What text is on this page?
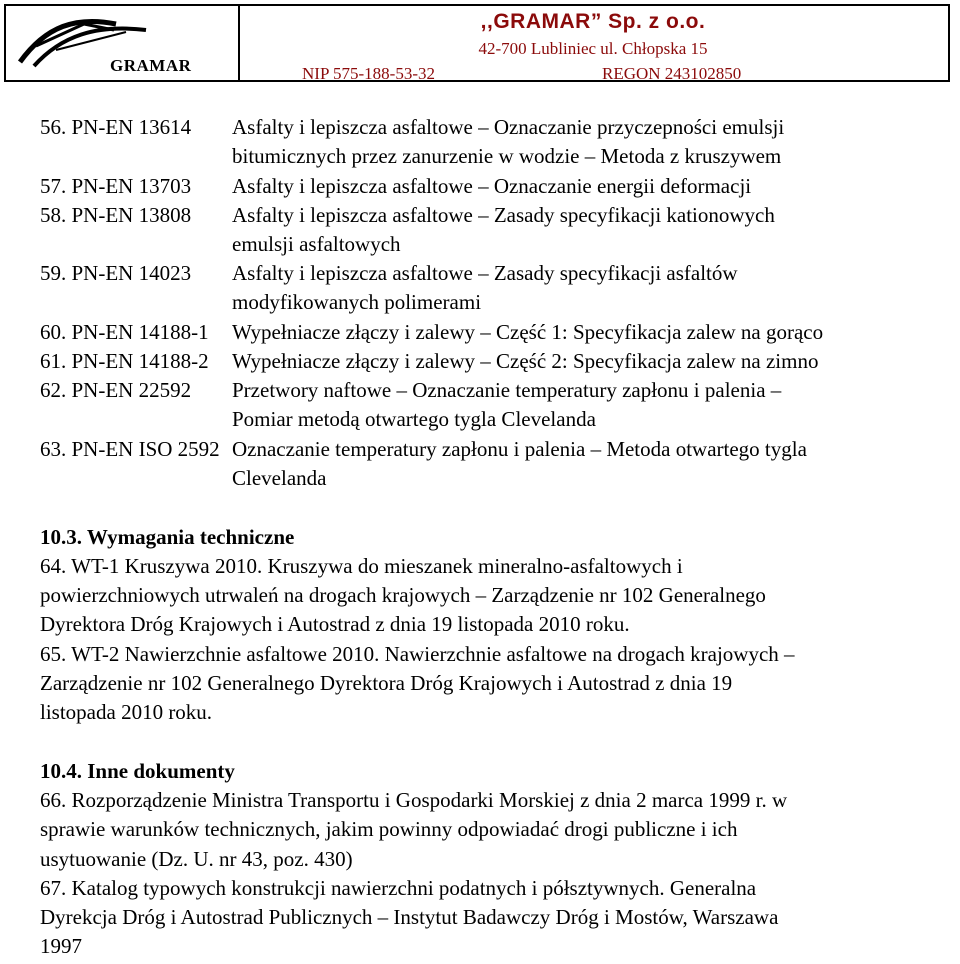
GRAMAR
,,GRAMAR” Sp. z o.o.
42-700 Lubliniec ul. Chłopska 15
NIP 575-188-53-32	REGON 243102850
56. PN-EN 13614 Asfalty i lepiszcza asfaltowe – Oznaczanie przyczepności emulsji
bitumicznych przez zanurzenie w wodzie – Metoda z kruszywem
57. PN-EN 13703 Asfalty i lepiszcza asfaltowe – Oznaczanie energii deformacji
58. PN-EN 13808 Asfalty i lepiszcza asfaltowe – Zasady specyfikacji kationowych
emulsji asfaltowych
59. PN-EN 14023 Asfalty i lepiszcza asfaltowe – Zasady specyfikacji asfaltów
modyfikowanych polimerami
60. PN-EN 14188-1 Wypełniacze złączy i zalewy – Część 1: Specyfikacja zalew na gorąco
61. PN-EN 14188-2 Wypełniacze złączy i zalewy – Część 2: Specyfikacja zalew na zimno
62. PN-EN 22592 Przetwory naftowe – Oznaczanie temperatury zapłonu i palenia –
Pomiar metodą otwartego tygla Clevelanda
63. PN-EN ISO 2592 Oznaczanie temperatury zapłonu i palenia – Metoda otwartego tygla
Clevelanda
10.3. Wymagania techniczne
64. WT-1 Kruszywa 2010. Kruszywa do mieszanek mineralno-asfaltowych i
powierzchniowych utrwaleń na drogach krajowych – Zarządzenie nr 102 Generalnego
Dyrektora Dróg Krajowych i Autostrad z dnia 19 listopada 2010 roku.
65. WT-2 Nawierzchnie asfaltowe 2010. Nawierzchnie asfaltowe na drogach krajowych –
Zarządzenie nr 102 Generalnego Dyrektora Dróg Krajowych i Autostrad z dnia 19
listopada 2010 roku.
10.4. Inne dokumenty
66. Rozporządzenie Ministra Transportu i Gospodarki Morskiej z dnia 2 marca 1999 r. w
sprawie warunków technicznych, jakim powinny odpowiadać drogi publiczne i ich
usytuowanie (Dz. U. nr 43, poz. 430)
67. Katalog typowych konstrukcji nawierzchni podatnych i półsztywnych. Generalna
Dyrekcja Dróg i Autostrad Publicznych – Instytut Badawczy Dróg i Mostów, Warszawa
1997
